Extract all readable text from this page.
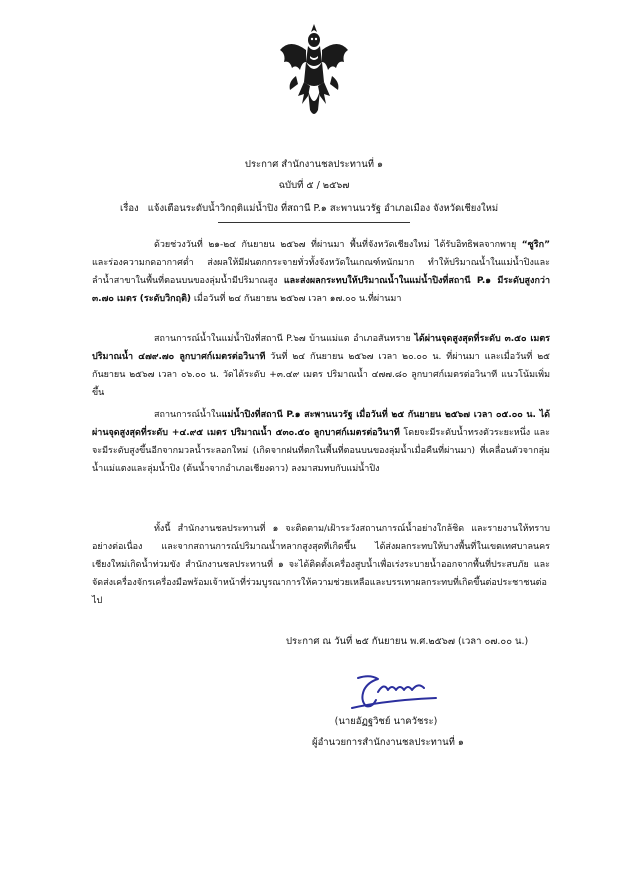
ประกาศ สำนักงานชลประทานที่ ๑
ฉบับที่ ๕ / ๒๕๖๗
เรื่อง แจ้งเตือนระดับน้ำวิกฤติแม่น้ำปิง ที่สถานี P.๑ สะพานนวรัฐ อำเภอเมือง จังหวัดเชียงใหม่

ด้วยช่วงวันที่ ๒๑-๒๔ กันยายน ๒๕๖๗ ที่ผ่านมา พื้นที่จังหวัดเชียงใหม่ ได้รับอิทธิพลจากพายุ “ซูริก” และร่องความกดอากาศต่ำ ส่งผลให้มีฝนตกกระจายทั่วทั้งจังหวัดในเกณฑ์หนักมาก ทำให้ปริมาณน้ำในแม่น้ำปิงและลำน้ำสาขาในพื้นที่ตอนบนของลุ่มน้ำมีปริมาณสูง และส่งผลกระทบให้ปริมาณน้ำในแม่น้ำปิงที่สถานี P.๑ มีระดับสูงกว่า ๓.๗๐ เมตร (ระดับวิกฤติ) เมื่อวันที่ ๒๔ กันยายน ๒๕๖๗ เวลา ๑๗.๐๐ น.ที่ผ่านมา

สถานการณ์น้ำในแม่น้ำปิงที่สถานี P.๖๗ บ้านแม่แต อำเภอสันทราย ได้ผ่านจุดสูงสุดที่ระดับ ๓.๕๐ เมตร ปริมาณน้ำ ๔๗๙.๗๐ ลูกบาศก์เมตรต่อวินาที วันที่ ๒๔ กันยายน ๒๕๖๗ เวลา ๒๐.๐๐ น. ที่ผ่านมา และเมื่อวันที่ ๒๕ กันยายน ๒๕๖๗ เวลา ๐๖.๐๐ น. วัดได้ระดับ +๓.๔๙ เมตร ปริมาณน้ำ ๔๗๗.๘๐ ลูกบาศก์เมตรต่อวินาที แนวโน้มเพิ่มขึ้น

สถานการณ์น้ำในแม่น้ำปิงที่สถานี P.๑ สะพานนวรัฐ เมื่อวันที่ ๒๕ กันยายน ๒๕๖๗ เวลา ๐๕.๐๐ น. ได้ผ่านจุดสูงสุดที่ระดับ +๔.๙๕ เมตร ปริมาณน้ำ ๕๓๐.๕๐ ลูกบาศก์เมตรต่อวินาที โดยจะมีระดับน้ำทรงตัวระยะหนึ่ง และจะมีระดับสูงขึ้นอีกจากมวลน้ำระลอกใหม่ (เกิดจากฝนที่ตกในพื้นที่ตอนบนของลุ่มน้ำเมื่อคืนที่ผ่านมา) ที่เคลื่อนตัวจากลุ่มน้ำแม่แตงและลุ่มน้ำปิง (ต้นน้ำจากอำเภอเชียงดาว) ลงมาสมทบกับแม่น้ำปิง

ทั้งนี้ สำนักงานชลประทานที่ ๑ จะติดตาม/เฝ้าระวังสถานการณ์น้ำอย่างใกล้ชิด และรายงานให้ทราบอย่างต่อเนื่อง และจากสถานการณ์ปริมาณน้ำหลากสูงสุดที่เกิดขึ้น ได้ส่งผลกระทบให้บางพื้นที่ในเขตเทศบาลนครเชียงใหม่เกิดน้ำท่วมขัง สำนักงานชลประทานที่ ๑ จะได้ติดตั้งเครื่องสูบน้ำเพื่อเร่งระบายน้ำออกจากพื้นที่ประสบภัย และจัดส่งเครื่องจักรเครื่องมือพร้อมเจ้าหน้าที่ร่วมบูรณาการให้ความช่วยเหลือและบรรเทาผลกระทบที่เกิดขึ้นต่อประชาชนต่อไป

ประกาศ ณ วันที่ ๒๕ กันยายน พ.ศ.๒๕๖๗ (เวลา ๐๗.๐๐ น.)
(นายอัฏฐวิชย์ นาควัชระ)
ผู้อำนวยการสำนักงานชลประทานที่ ๑
